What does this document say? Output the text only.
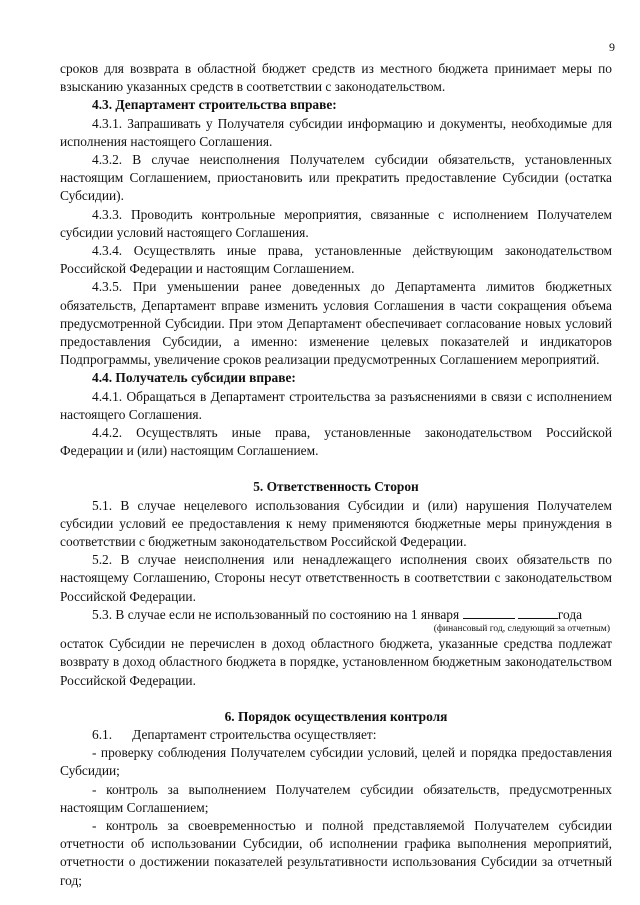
9

сроков для возврата в областной бюджет средств из местного бюджета принимает меры по взысканию указанных средств в соответствии с законодательством.

4.3. Департамент строительства вправе:

4.3.1. Запрашивать у Получателя субсидии информацию и документы, необходимые для исполнения настоящего Соглашения.

4.3.2. В случае неисполнения Получателем субсидии обязательств, установленных настоящим Соглашением, приостановить или прекратить предоставление Субсидии (остатка Субсидии).

4.3.3. Проводить контрольные мероприятия, связанные с исполнением Получателем субсидии условий настоящего Соглашения.

4.3.4. Осуществлять иные права, установленные действующим законодательством Российской Федерации и настоящим Соглашением.

4.3.5. При уменьшении ранее доведенных до Департамента лимитов бюджетных обязательств, Департамент вправе изменить условия Соглашения в части сокращения объема предусмотренной Субсидии. При этом Департамент обеспечивает согласование новых условий предоставления Субсидии, а именно: изменение целевых показателей и индикаторов Подпрограммы, увеличение сроков реализации предусмотренных Соглашением мероприятий.

4.4. Получатель субсидии вправе:

4.4.1. Обращаться в Департамент строительства за разъяснениями в связи с исполнением настоящего Соглашения.

4.4.2. Осуществлять иные права, установленные законодательством Российской Федерации и (или) настоящим Соглашением.

5. Ответственность Сторон

5.1. В случае нецелевого использования Субсидии и (или) нарушения Получателем субсидии условий ее предоставления к нему применяются бюджетные меры принуждения в соответствии с бюджетным законодательством Российской Федерации.

5.2. В случае неисполнения или ненадлежащего исполнения своих обязательств по настоящему Соглашению, Стороны несут ответственность в соответствии с законодательством Российской Федерации.

5.3. В случае если не использованный по состоянию на 1 января	года

(финансовый год, следующий за отчетным)

остаток Субсидии не перечислен в доход областного бюджета, указанные средства подлежат возврату в доход областного бюджета в порядке, установленном бюджетным законодательством Российской Федерации.

6. Порядок осуществления контроля

6.1.      Департамент строительства осуществляет:

- проверку соблюдения Получателем субсидии условий, целей и порядка предоставления Субсидии;

- контроль за выполнением Получателем субсидии обязательств, предусмотренных настоящим Соглашением;

- контроль за своевременностью и полной представляемой Получателем субсидии отчетности об использовании Субсидии, об исполнении графика выполнения мероприятий, отчетности о достижении показателей результативности использования Субсидии за отчетный год;
